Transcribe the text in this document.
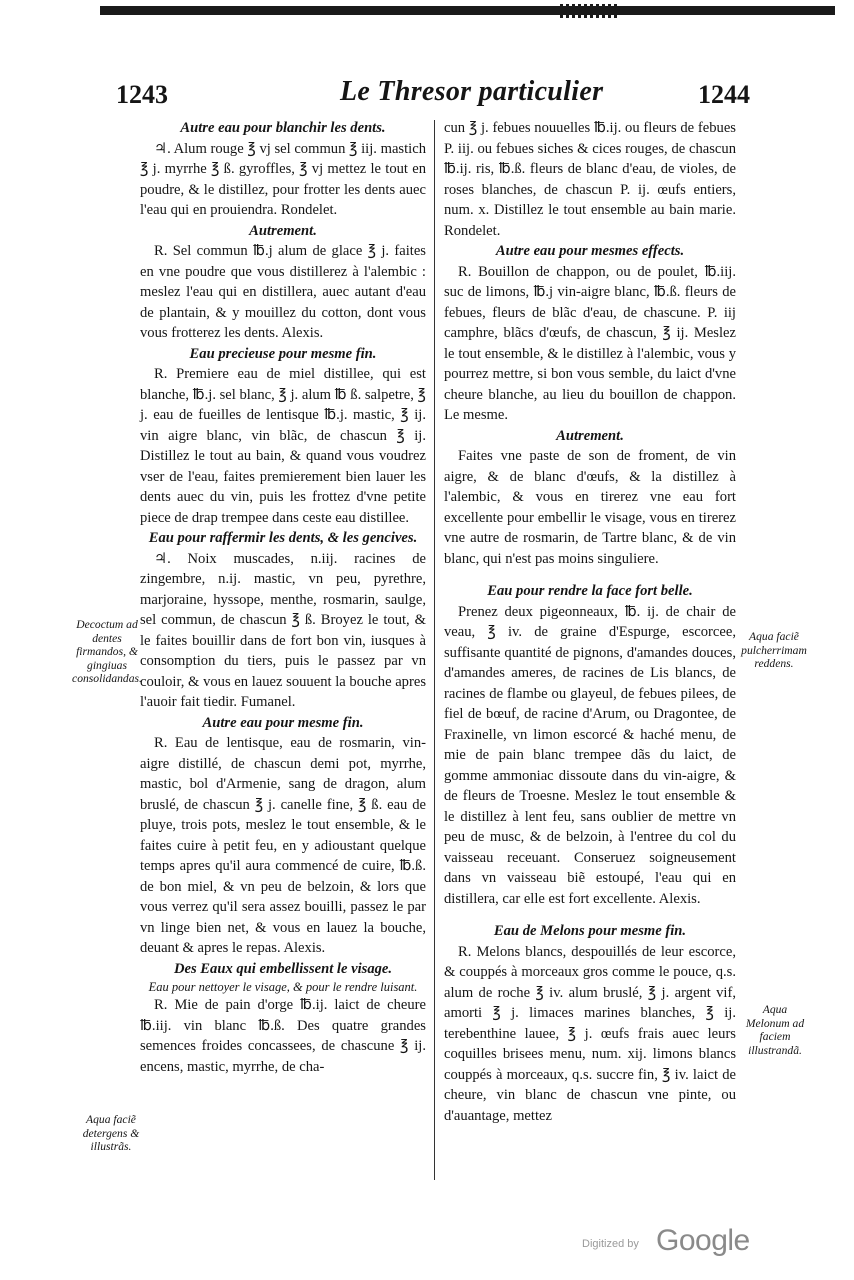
1243	Le Thresor particulier	1244

Autre eau pour blanchir les dents.

♃. Alum rouge ℥ vj sel commun ℥ iij. mastich ℥ j. myrrhe ℥ ß. gyroffles, ℥ vj mettez le tout en poudre, & le distillez, pour frotter les dents auec l'eau qui en prouiendra. Rondelet.

Autrement.

R. Sel commun ℔.j alum de glace ℥ j. faites en vne poudre que vous distillerez à l'alembic : meslez l'eau qui en distillera, auec autant d'eau de plantain, & y mouillez du cotton, dont vous vous frotterez les dents. Alexis.

Eau precieuse pour mesme fin.

R. Premiere eau de miel distillee, qui est blanche, ℔.j. sel blanc, ℥ j. alum ℔ ß. salpetre, ℥ j. eau de fueilles de lentisque ℔.j. mastic, ℥ ij. vin aigre blanc, vin blãc, de chascun ℥ ij. Distillez le tout au bain, & quand vous voudrez vser de l'eau, faites premierement bien lauer les dents auec du vin, puis les frottez d'vne petite piece de drap trempee dans ceste eau distillee.

Eau pour raffermir les dents, & les gencives.

♃. Noix muscades, n.iij. racines de zingembre, n.ij. mastic, vn peu, pyrethre, marjoraine, hyssope, menthe, rosmarin, saulge, sel commun, de chascun ℥ ß. Broyez le tout, & le faites bouillir dans de fort bon vin, iusques à consomption du tiers, puis le passez par vn couloir, & vous en lauez souuent la bouche apres l'auoir fait tiedir. Fumanel.

Autre eau pour mesme fin.

R. Eau de lentisque, eau de rosmarin, vin-aigre distillé, de chascun demi pot, myrrhe, mastic, bol d'Armenie, sang de dragon, alum bruslé, de chascun ℥ j. canelle fine, ℥ ß. eau de pluye, trois pots, meslez le tout ensemble, & le faites cuire à petit feu, en y adioustant quelque temps apres qu'il aura commencé de cuire, ℔.ß. de bon miel, & vn peu de belzoin, & lors que vous verrez qu'il sera assez bouilli, passez le par vn linge bien net, & vous en lauez la bouche, deuant & apres le repas. Alexis.

Des Eaux qui embellissent le visage.

Eau pour nettoyer le visage, & pour le rendre luisant.

R. Mie de pain d'orge ℔.ij. laict de cheure ℔.iij. vin blanc ℔.ß. Des quatre grandes semences froides concassees, de chascune ℥ ij. encens, mastic, myrrhe, de cha-

cun ℥ j. febues nouuelles ℔.ij. ou fleurs de febues P. iij. ou febues siches & cices rouges, de chascun ℔.ij. ris, ℔.ß. fleurs de blanc d'eau, de violes, de roses blanches, de chascun P. ij. œufs entiers, num. x. Distillez le tout ensemble au bain marie. Rondelet.

Autre eau pour mesmes effects.

R. Bouillon de chappon, ou de poulet, ℔.iij. suc de limons, ℔.j vin-aigre blanc, ℔.ß. fleurs de febues, fleurs de blãc d'eau, de chascune. P. iij camphre, blãcs d'œufs, de chascun, ℥ ij. Meslez le tout ensemble, & le distillez à l'alembic, vous y pourrez mettre, si bon vous semble, du laict d'vne cheure blanche, au lieu du bouillon de chappon. Le mesme.

Autrement.

Faites vne paste de son de froment, de vin aigre, & de blanc d'œufs, & la distillez à l'alembic, & vous en tirerez vne eau fort excellente pour embellir le visage, vous en tirerez vne autre de rosmarin, de Tartre blanc, & de vin blanc, qui n'est pas moins singuliere.

Eau pour rendre la face fort belle.

Prenez deux pigeonneaux, ℔. ij. de chair de veau, ℥ iv. de graine d'Espurge, escorcee, suffisante quantité de pignons, d'amandes douces, d'amandes ameres, de racines de Lis blancs, de racines de flambe ou glayeul, de febues pilees, de fiel de bœuf, de racine d'Arum, ou Dragontee, de Fraxinelle, vn limon escorcé & haché menu, de mie de pain blanc trempee dãs du laict, de gomme ammoniac dissoute dans du vin-aigre, & de fleurs de Troesne. Meslez le tout ensemble & le distillez à lent feu, sans oublier de mettre vn peu de musc, & de belzoin, à l'entree du col du vaisseau receuant. Conseruez soigneusement dans vn vaisseau biẽ estoupé, l'eau qui en distillera, car elle est fort excellente. Alexis.

Eau de Melons pour mesme fin.

R. Melons blancs, despouillés de leur escorce, & couppés à morceaux gros comme le pouce, q.s. alum de roche ℥ iv. alum bruslé, ℥ j. argent vif, amorti ℥ j. limaces marines blanches, ℥ ij. terebenthine lauee, ℥ j. œufs frais auec leurs coquilles brisees menu, num. xij. limons blancs couppés à morceaux, q.s. succre fin, ℥ iv. laict de cheure, vin blanc de chascun vne pinte, ou d'auantage, mettez

Decoctum ad dentes firmandos, & gingiuas consolidandas.
Aqua faciẽ pulcherrimam reddens.
Aqua Melonum ad faciem illustrandã.
Aqua faciẽ detergens & illustrãs.
Digitized by Google
